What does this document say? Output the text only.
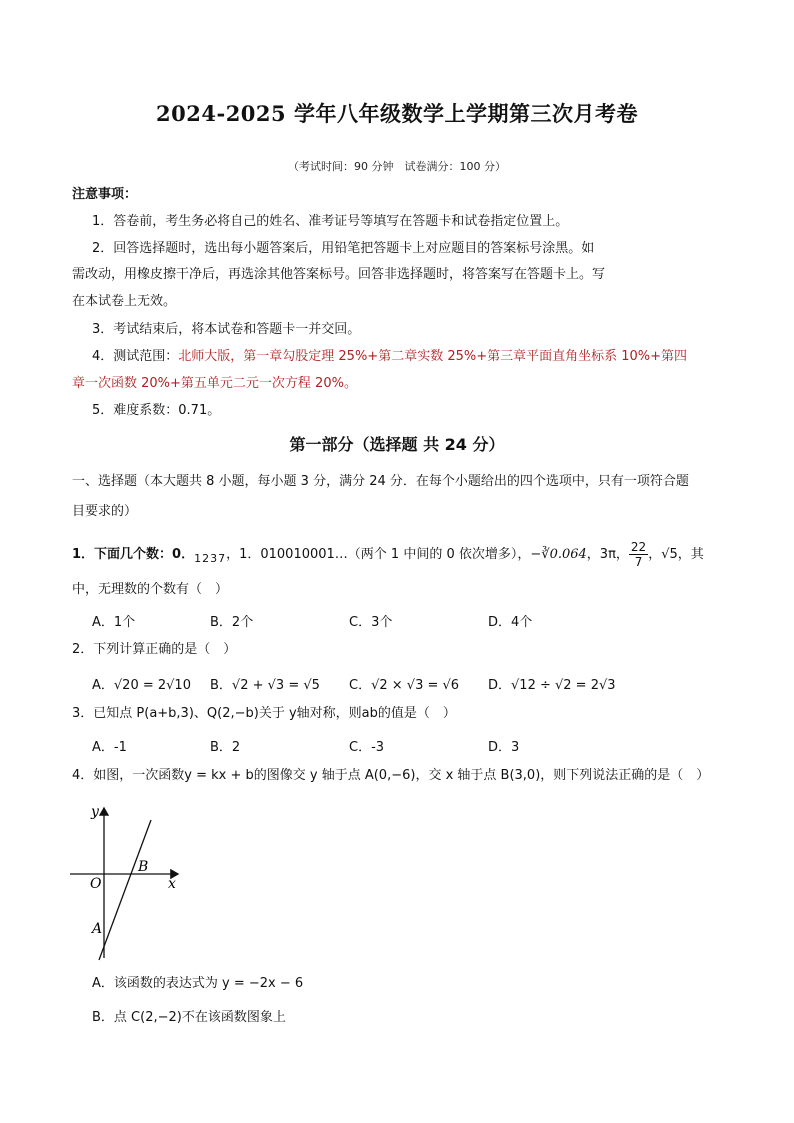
2024-2025 学年八年级数学上学期第三次月考卷
（考试时间：90 分钟　试卷满分：100 分）
注意事项：
1．答卷前，考生务必将自己的姓名、准考证号等填写在答题卡和试卷指定位置上。
2．回答选择题时，选出每小题答案后，用铅笔把答题卡上对应题目的答案标号涂黑。如
需改动，用橡皮擦干净后，再选涂其他答案标号。回答非选择题时，将答案写在答题卡上。写
在本试卷上无效。
3．考试结束后，将本试卷和答题卡一并交回。
4．测试范围：北师大版，第一章勾股定理 25%+第二章实数 25%+第三章平面直角坐标系 10%+第四
章一次函数 20%+第五单元二元一次方程 20%。
5．难度系数：0.71。
第一部分（选择题 共 24 分）
一、选择题（本大题共 8 小题，每小题 3 分，满分 24 分．在每个小题给出的四个选项中，只有一项符合题
目要求的）
1．下面几个数：0．$_{1237}$，1．010010001…（两个 1 中间的 0 依次增多），−∛0.064，3π， $\frac{22}{7}$ ，√5，其
中，无理数的个数有（　）
A．1个	B．2个	C．3个	D．4个
2．下列计算正确的是（　）
A．√20 = 2√10 B．√2 + √3 = √5 C．√2 × √3 = √6 D．√12 ÷ √2 = 2√3
3．已知点 P(a+b,3)、Q(2,−b)关于 y轴对称，则ab的值是（　）
A．-1	B．2	C．-3	D．3
4．如图，一次函数y = kx + b的图像交 y 轴于点 A(0,−6)，交 x 轴于点 B(3,0)，则下列说法正确的是（　）
y
x
O
B
A
A．该函数的表达式为 y = −2x − 6
B．点 C(2,−2)不在该函数图象上
